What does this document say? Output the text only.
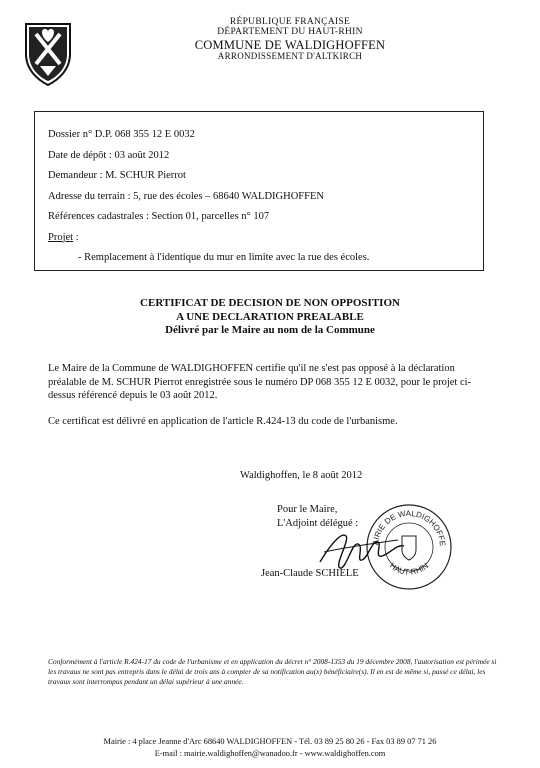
RÉPUBLIQUE FRANÇAISE
DÉPARTEMENT DU HAUT-RHIN
COMMUNE DE WALDIGHOFFEN
ARRONDISSEMENT D'ALTKIRCH
Dossier n° D.P. 068 355 12 E 0032
Date de dépôt : 03 août 2012
Demandeur : M. SCHUR Pierrot
Adresse du terrain : 5, rue des écoles – 68640 WALDIGHOFFEN
Références cadastrales : Section 01, parcelles n° 107
Projet :
- Remplacement à l'identique du mur en limite avec la rue des écoles.
CERTIFICAT DE DECISION DE NON OPPOSITION
A UNE DECLARATION PREALABLE
Délivré par le Maire au nom de la Commune
Le Maire de la Commune de WALDIGHOFFEN certifie qu'il ne s'est pas opposé à la déclaration préalable de M. SCHUR Pierrot enregistrée sous le numéro DP 068 355 12 E 0032, pour le projet ci-dessus référencé depuis le 03 août 2012.
Ce certificat est délivré en application de l'article R.424-13 du code de l'urbanisme.
Waldighoffen, le 8 août 2012
Pour le Maire,
L'Adjoint délégué :
AIRIE DE WALDIGHOFFE
HAUT-RHIN
Jean-Claude SCHIELE
Conformément à l'article R.424-17 du code de l'urbanisme et en application du décret n° 2008-1353 du 19 décembre 2008, l'autorisation est périmée si les travaux ne sont pas entrepris dans le délai de trois ans à compter de sa notification au(x) bénéficiaire(s). Il en est de même si, passé ce délai, les travaux sont interrompus pendant un délai supérieur à une année.
Mairie : 4 place Jeanne d'Arc 68640 WALDIGHOFFEN - Tél. 03 89 25 80 26 - Fax 03 89 07 71 26
E-mail : mairie.waldighoffen@wanadoo.fr - www.waldighoffen.com
